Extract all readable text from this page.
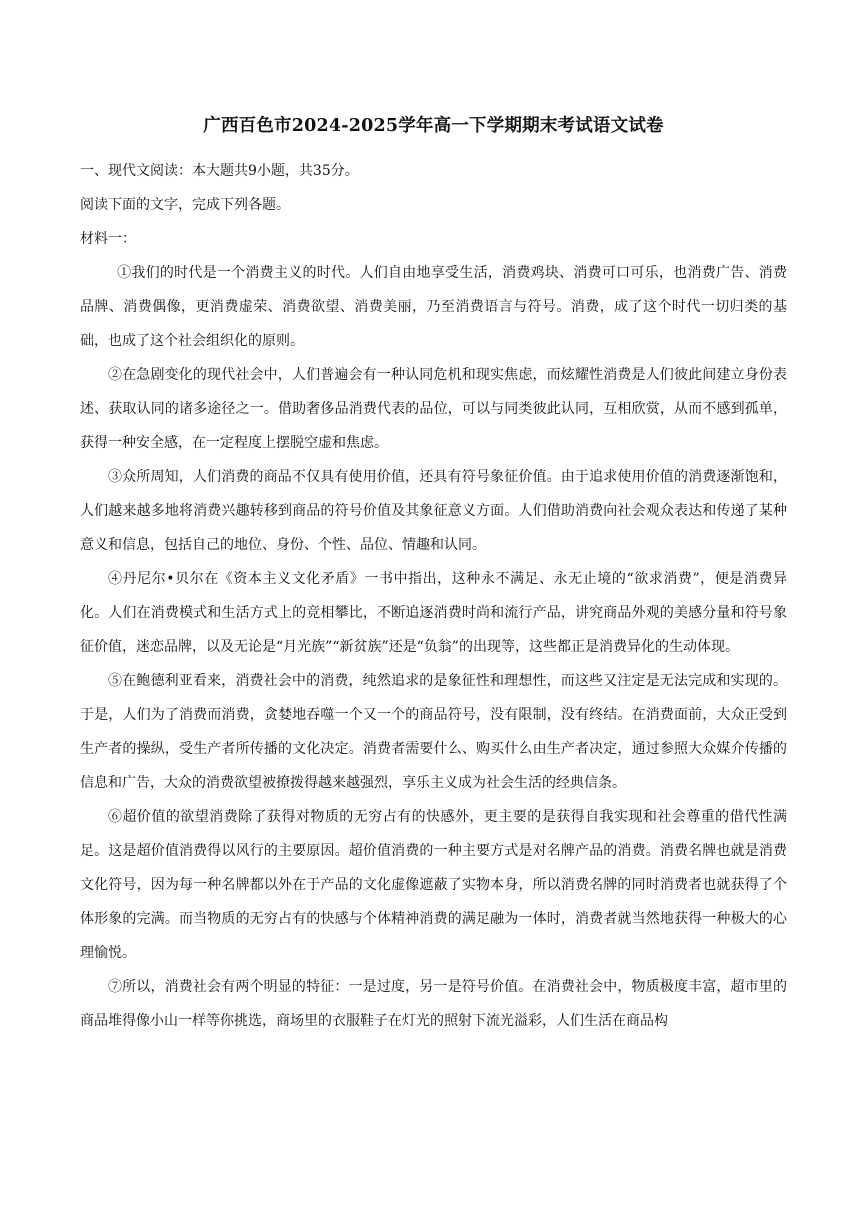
广西百色市2024-2025学年高一下学期期末考试语文试卷

一、现代文阅读：本大题共9小题，共35分。

阅读下面的文字，完成下列各题。

材料一：

①我们的时代是一个消费主义的时代。人们自由地享受生活，消费鸡块、消费可口可乐，也消费广告、消费品牌、消费偶像，更消费虚荣、消费欲望、消费美丽，乃至消费语言与符号。消费，成了这个时代一切归类的基础，也成了这个社会组织化的原则。

②在急剧变化的现代社会中，人们普遍会有一种认同危机和现实焦虑，而炫耀性消费是人们彼此间建立身份表述、获取认同的诸多途径之一。借助奢侈品消费代表的品位，可以与同类彼此认同，互相欣赏，从而不感到孤单，获得一种安全感，在一定程度上摆脱空虚和焦虑。

③众所周知，人们消费的商品不仅具有使用价值，还具有符号象征价值。由于追求使用价值的消费逐渐饱和，人们越来越多地将消费兴趣转移到商品的符号价值及其象征意义方面。人们借助消费向社会观众表达和传递了某种意义和信息，包括自己的地位、身份、个性、品位、情趣和认同。

④丹尼尔•贝尔在《资本主义文化矛盾》一书中指出，这种永不满足、永无止境的“欲求消费”，便是消费异化。人们在消费模式和生活方式上的竞相攀比，不断追逐消费时尚和流行产品，讲究商品外观的美感分量和符号象征价值，迷恋品牌，以及无论是“月光族”“新贫族”还是“负翁”的出现等，这些都正是消费异化的生动体现。

⑤在鲍德利亚看来，消费社会中的消费，纯然追求的是象征性和理想性，而这些又注定是无法完成和实现的。于是，人们为了消费而消费，贪婪地吞噬一个又一个的商品符号，没有限制，没有终结。在消费面前，大众正受到生产者的操纵，受生产者所传播的文化决定。消费者需要什么、购买什么由生产者决定，通过参照大众媒介传播的信息和广告，大众的消费欲望被撩拨得越来越强烈，享乐主义成为社会生活的经典信条。

⑥超价值的欲望消费除了获得对物质的无穷占有的快感外，更主要的是获得自我实现和社会尊重的借代性满足。这是超价值消费得以风行的主要原因。超价值消费的一种主要方式是对名牌产品的消费。消费名牌也就是消费文化符号，因为每一种名牌都以外在于产品的文化虚像遮蔽了实物本身，所以消费名牌的同时消费者也就获得了个体形象的完满。而当物质的无穷占有的快感与个体精神消费的满足融为一体时，消费者就当然地获得一种极大的心理愉悦。

⑦所以，消费社会有两个明显的特征：一是过度，另一是符号价值。在消费社会中，物质极度丰富，超市里的商品堆得像小山一样等你挑选，商场里的衣服鞋子在灯光的照射下流光溢彩，人们生活在商品构
